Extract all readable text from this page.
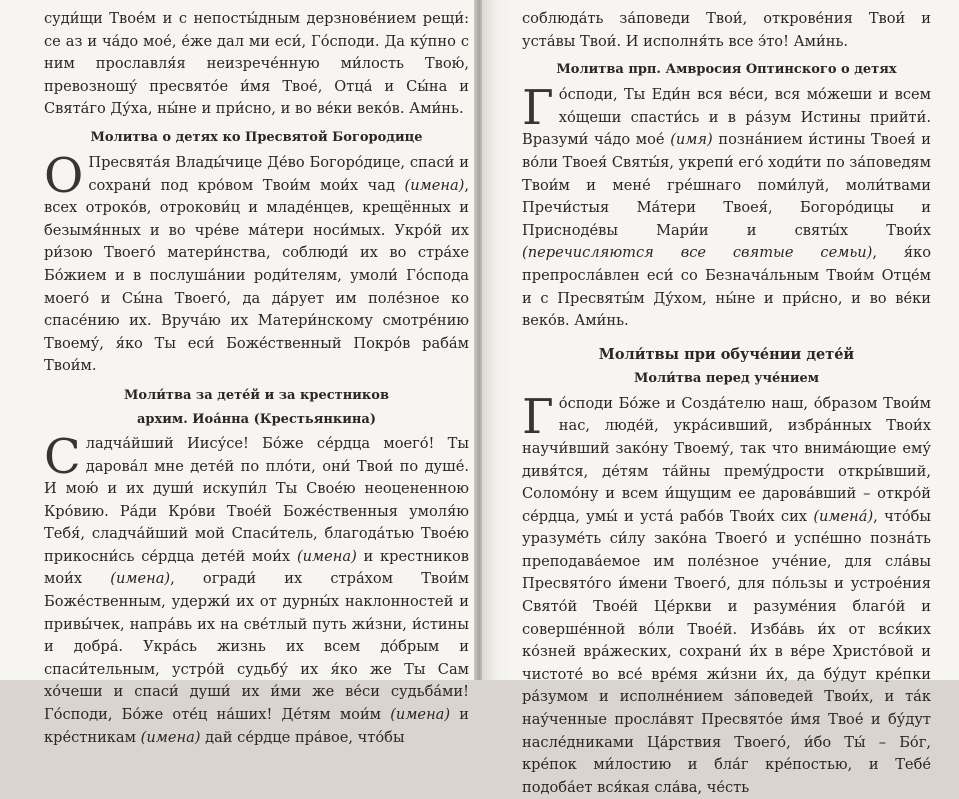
суди́щи Твое́м и с непосты́дным дерзнове́нием рещи́: се аз и ча́до мое́, е́же дал ми еси́, Го́споди. Да ку́пно с ним прославля́я неизрече́нную ми́лость Твою́, превозношу́ пресвято́е и́мя Твое́, Отца́ и Сы́на и Свята́го Ду́ха, ны́не и при́сно, и во ве́ки веко́в. Ами́нь.

Молитва о детях ко Пресвятой Богородице

О Пресвята́я Влады́чице Де́во Богоро́дице, спаси́ и сохрани́ под кро́вом Твои́м мои́х чад (имена), всех отроко́в, отрокови́ц и младе́нцев, крещённых и безымя́нных и во чре́ве ма́тери носи́мых. Укро́й их ри́зою Твоего́ матери́нства, соблюди́ их во стра́хе Бо́жием и в послуша́нии роди́телям, умоли́ Го́спода моего́ и Сы́на Твоего́, да да́рует им поле́зное ко спасе́нию их. Вруча́ю их Матери́нскому смотре́нию Твоему́, я́ко Ты еси́ Боже́ственный Покро́в раба́м Твои́м.

Моли́тва за дете́й и за крестников
архим. Иоа́нна (Крестьянкина)

Сладча́йший Иису́се! Бо́же се́рдца моего́! Ты дарова́л мне дете́й по пло́ти, они́ Твои́ по душе́. И мою́ и их души́ искупи́л Ты Свое́ю неоцененною Кро́вию. Ра́ди Кро́ви Твое́й Боже́ственныя умоля́ю Тебя́, сладча́йший мой Спаси́тель, благода́тью Твое́ю прикосни́сь се́рдца дете́й мои́х (имена) и крестников мои́х (имена), огради́ их стра́хом Твои́м Боже́ственным, удержи́ их от дурны́х наклонностей и привы́чек, напра́вь их на све́тлый путь жи́зни, и́стины и добра́. Укра́сь жизнь их всем до́брым и спаси́тельным, устро́й судьбу́ их я́ко же Ты Сам хо́чеши и спаси́ души́ их и́ми же ве́си судьба́ми! Го́споди, Бо́же оте́ц на́ших! Де́тям мои́м (имена) и кре́стникам (имена) дай се́рдце пра́вое, что́бы

соблюда́ть за́поведи Твои́, открове́ния Твои́ и уста́вы Твои́. И исполня́ть все э́то! Ами́нь.

Молитва прп. Амвросия Оптинского о детях

Го́споди, Ты Еди́н вся ве́си, вся мо́жеши и всем хо́щеши спасти́сь и в ра́зум Истины прийти́. Вразуми́ ча́до мое́ (имя) позна́нием и́стины Твоея́ и во́ли Твоея́ Святы́я, укрепи́ его́ ходи́ти по за́поведям Твои́м и мене́ гре́шнаго поми́луй, моли́твами Пречи́стыя Ма́тери Твоея́, Богоро́дицы и Присноде́вы Мари́и и святы́х Твои́х (перечисляются все святые семьи), я́ко препросла́влен еси́ со Безнача́льным Твои́м Отце́м и с Пресвяты́м Ду́хом, ны́не и при́сно, и во ве́ки веко́в. Ами́нь.

Моли́твы при обуче́нии дете́й
Моли́тва перед уче́нием

Го́споди Бо́же и Созда́телю наш, о́бразом Твои́м нас, люде́й, укра́сивший, избра́нных Твои́х научи́вший зако́ну Твоему́, так что внима́ющие ему́ дивя́тся, де́тям та́йны премýдрости откры́вший, Соломо́ну и всем и́щущим ее дарова́вший – откро́й се́рдца, умы́ и уста́ рабо́в Твои́х сих (имена́), что́бы уразуме́ть си́лу зако́на Твоего́ и успе́шно позна́ть преподава́емое им поле́зное уче́ние, для сла́вы Пресвято́го и́мени Твоего́, для по́льзы и устрое́ния Свято́й Твое́й Це́ркви и разуме́ния благо́й и соверше́нной во́ли Твое́й. Изба́вь и́х от вся́ких ко́зней вра́жеских, сохрани́ и́х в ве́ре Христо́вой и чистоте́ во все́ вре́мя жи́зни и́х, да бу́дут кре́пки ра́зумом и исполне́нием за́поведей Твои́х, и та́к нау́ченные просла́вят Пресвято́е и́мя Твое́ и бу́дут насле́дниками Ца́рствия Твоего́, и́бо Ты́ – Бо́г, кре́пок ми́лостию и бла́г кре́постью, и Тебе́ подоба́ет вся́кая сла́ва, че́сть
